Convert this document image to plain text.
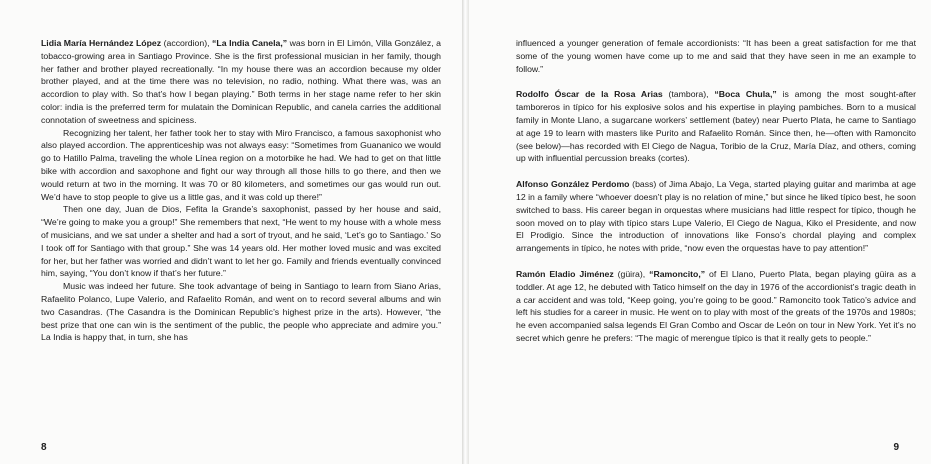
Lidia María Hernández López (accordion), “La India Canela,” was born in El Limón, Villa González, a tobacco-growing area in Santiago Province. She is the first professional musician in her family, though her father and brother played recreationally. “In my house there was an accordion because my older brother played, and at the time there was no television, no radio, nothing. What there was, was an accordion to play with. So that’s how I began playing.” Both terms in her stage name refer to her skin color: india is the preferred term for mulatain the Dominican Republic, and canela carries the additional connotation of sweetness and spiciness.

Recognizing her talent, her father took her to stay with Miro Francisco, a famous saxophonist who also played accordion. The apprenticeship was not always easy: “Sometimes from Guananico we would go to Hatillo Palma, traveling the whole Línea region on a motorbike he had. We had to get on that little bike with accordion and saxophone and fight our way through all those hills to go there, and then we would return at two in the morning. It was 70 or 80 kilometers, and sometimes our gas would run out. We’d have to stop people to give us a little gas, and it was cold up there!”

Then one day, Juan de Dios, Fefita la Grande’s saxophonist, passed by her house and said, “We’re going to make you a group!” She remembers that next, “He went to my house with a whole mess of musicians, and we sat under a shelter and had a sort of tryout, and he said, ‘Let’s go to Santiago.’ So I took off for Santiago with that group.” She was 14 years old. Her mother loved music and was excited for her, but her father was worried and didn’t want to let her go. Family and friends eventually convinced him, saying, “You don’t know if that’s her future.”

Music was indeed her future. She took advantage of being in Santiago to learn from Siano Arias, Rafaelito Polanco, Lupe Valerio, and Rafaelito Román, and went on to record several albums and win two Casandras. (The Casandra is the Dominican Republic’s highest prize in the arts). However, “the best prize that one can win is the sentiment of the public, the people who appreciate and admire you.” La India is happy that, in turn, she has

8

influenced a younger generation of female accordionists: “It has been a great satisfaction for me that some of the young women have come up to me and said that they have seen in me an example to follow.”

Rodolfo Óscar de la Rosa Arias (tambora), “Boca Chula,” is among the most sought-after tamboreros in típico for his explosive solos and his expertise in playing pambiches. Born to a musical family in Monte Llano, a sugarcane workers’ settlement (batey) near Puerto Plata, he came to Santiago at age 19 to learn with masters like Purito and Rafaelito Román. Since then, he—often with Ramoncito (see below)—has recorded with El Ciego de Nagua, Toribio de la Cruz, María Díaz, and others, coming up with influential percussion breaks (cortes).

Alfonso González Perdomo (bass) of Jima Abajo, La Vega, started playing guitar and marimba at age 12 in a family where “whoever doesn’t play is no relation of mine,” but since he liked típico best, he soon switched to bass. His career began in orquestas where musicians had little respect for típico, though he soon moved on to play with típico stars Lupe Valerio, El Ciego de Nagua, Kiko el Presidente, and now El Prodigio. Since the introduction of innovations like Fonso’s chordal playing and complex arrangements in típico, he notes with pride, “now even the orquestas have to pay attention!”

Ramón Eladio Jiménez (güira), “Ramoncito,” of El Llano, Puerto Plata, began playing güira as a toddler. At age 12, he debuted with Tatico himself on the day in 1976 of the accordionist’s tragic death in a car accident and was told, “Keep going, you’re going to be good.” Ramoncito took Tatico’s advice and left his studies for a career in music. He went on to play with most of the greats of the 1970s and 1980s; he even accompanied salsa legends El Gran Combo and Oscar de León on tour in New York. Yet it’s no secret which genre he prefers: “The magic of merengue típico is that it really gets to people.”

9
